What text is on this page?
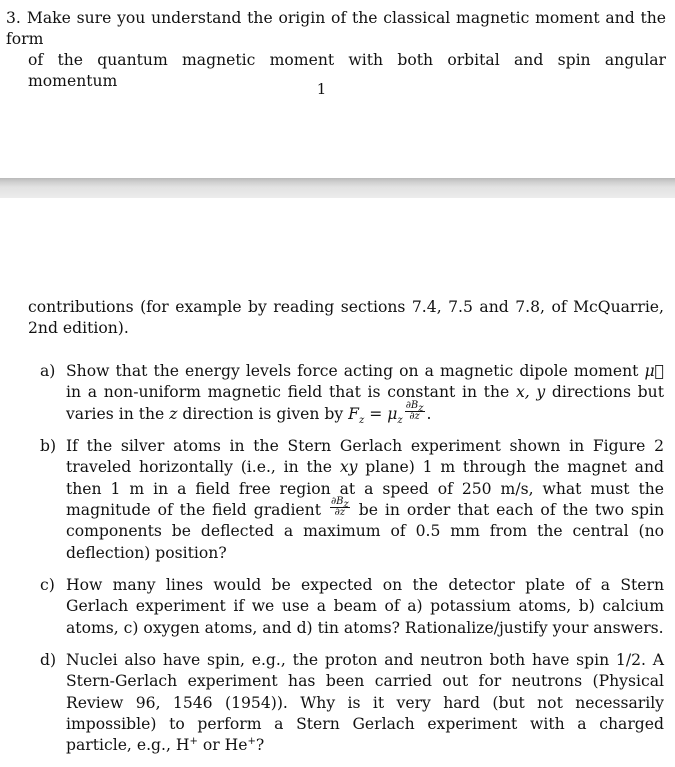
3. Make sure you understand the origin of the classical magnetic moment and the form
of the quantum magnetic moment with both orbital and spin angular momentum	1
contributions (for example by reading sections 7.4, 7.5 and 7.8, of McQuarrie, 2nd edition).
a) Show that the energy levels force acting on a magnetic dipole moment μ⃗ in a non-uniform magnetic field that is constant in the x, y directions but varies in the z direction is given by $F_z = \mu_z \frac{\partial B_z}{\partial z}$ .
b) If the silver atoms in the Stern Gerlach experiment shown in Figure 2 traveled horizontally (i.e., in the xy plane) 1 m through the magnet and then 1 m in a field free region at a speed of 250 m/s, what must the magnitude of the field gradient $\frac{\partial B_z}{\partial z}$ be in order that each of the two spin components be deflected a maximum of 0.5 mm from the central (no deflection) position?
c) How many lines would be expected on the detector plate of a Stern Gerlach experiment if we use a beam of a) potassium atoms, b) calcium atoms, c) oxygen atoms, and d) tin atoms? Rationalize/justify your answers.
d) Nuclei also have spin, e.g., the proton and neutron both have spin 1/2. A Stern-Gerlach experiment has been carried out for neutrons (Physical Review 96, 1546 (1954)). Why is it very hard (but not necessarily impossible) to perform a Stern Gerlach experiment with a charged particle, e.g., H+ or He+?
